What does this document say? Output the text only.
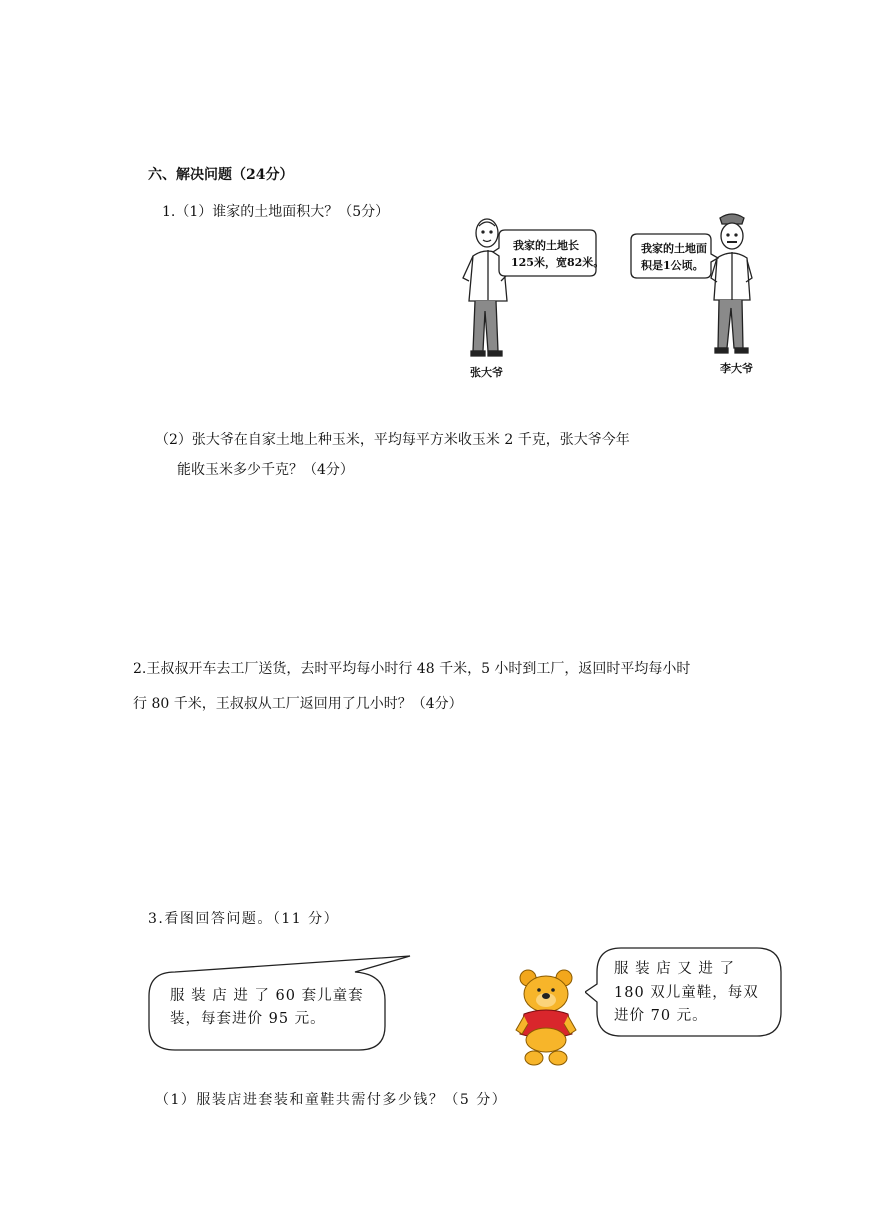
六、解决问题（24分）
1.（1）谁家的土地面积大？（5分）
我家的土地长
125米，宽82米。
我家的土地面
积是1公顷。
张大爷	李大爷
（2）张大爷在自家土地上种玉米，平均每平方米收玉米 2 千克，张大爷今年
能收玉米多少千克？（4分）
2.王叔叔开车去工厂送货，去时平均每小时行 48 千米，5 小时到工厂，返回时平均每小时
行 80 千米，王叔叔从工厂返回用了几小时？（4分）
3.看图回答问题。（11 分）
服 装 店 进 了 60 套儿童套
装，每套进价 95 元。
服 装 店 又 进 了
180 双儿童鞋，每双
进价 70 元。
（1）服装店进套装和童鞋共需付多少钱？（5 分）
